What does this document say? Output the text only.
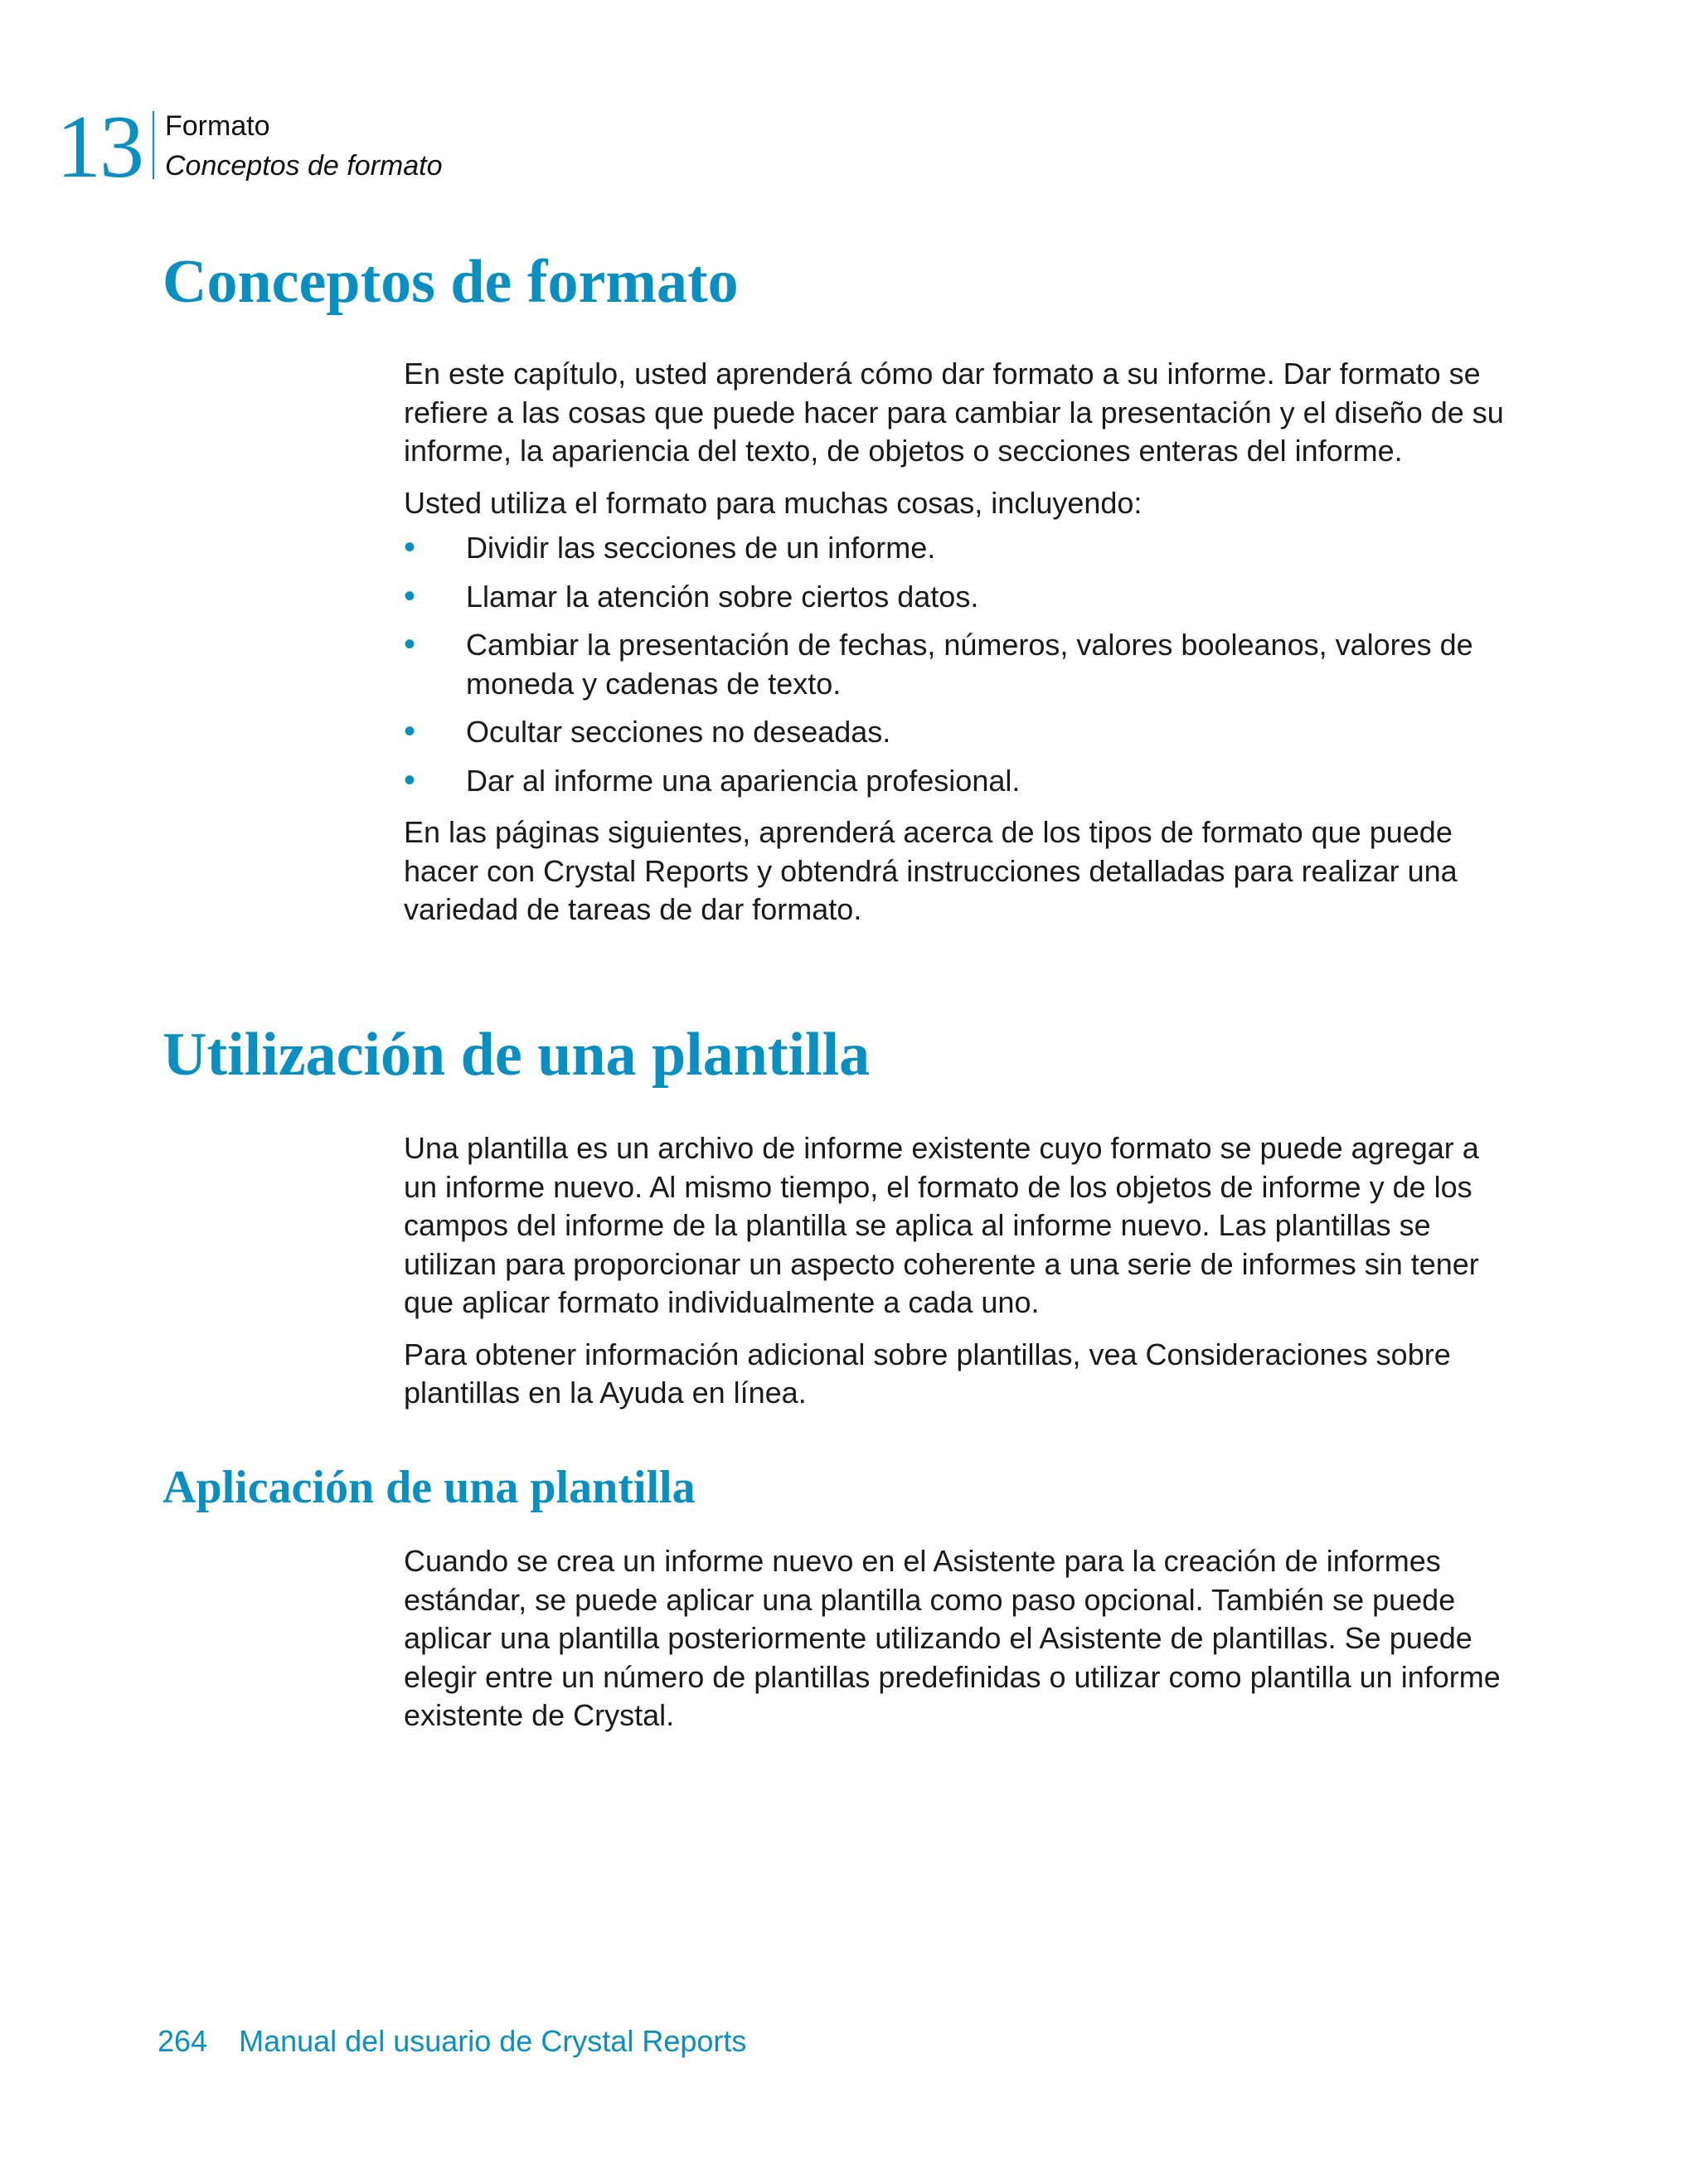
13 Formato
Conceptos de formato
Conceptos de formato

En este capítulo, usted aprenderá cómo dar formato a su informe. Dar formato se refiere a las cosas que puede hacer para cambiar la presentación y el diseño de su informe, la apariencia del texto, de objetos o secciones enteras del informe.

Usted utiliza el formato para muchas cosas, incluyendo:

• Dividir las secciones de un informe.
• Llamar la atención sobre ciertos datos.
• Cambiar la presentación de fechas, números, valores booleanos, valores de moneda y cadenas de texto.
• Ocultar secciones no deseadas.
• Dar al informe una apariencia profesional.

En las páginas siguientes, aprenderá acerca de los tipos de formato que puede hacer con Crystal Reports y obtendrá instrucciones detalladas para realizar una variedad de tareas de dar formato.

Utilización de una plantilla

Una plantilla es un archivo de informe existente cuyo formato se puede agregar a un informe nuevo. Al mismo tiempo, el formato de los objetos de informe y de los campos del informe de la plantilla se aplica al informe nuevo. Las plantillas se utilizan para proporcionar un aspecto coherente a una serie de informes sin tener que aplicar formato individualmente a cada uno.

Para obtener información adicional sobre plantillas, vea Consideraciones sobre plantillas en la Ayuda en línea.

Aplicación de una plantilla

Cuando se crea un informe nuevo en el Asistente para la creación de informes estándar, se puede aplicar una plantilla como paso opcional. También se puede aplicar una plantilla posteriormente utilizando el Asistente de plantillas. Se puede elegir entre un número de plantillas predefinidas o utilizar como plantilla un informe existente de Crystal.

264 Manual del usuario de Crystal Reports
